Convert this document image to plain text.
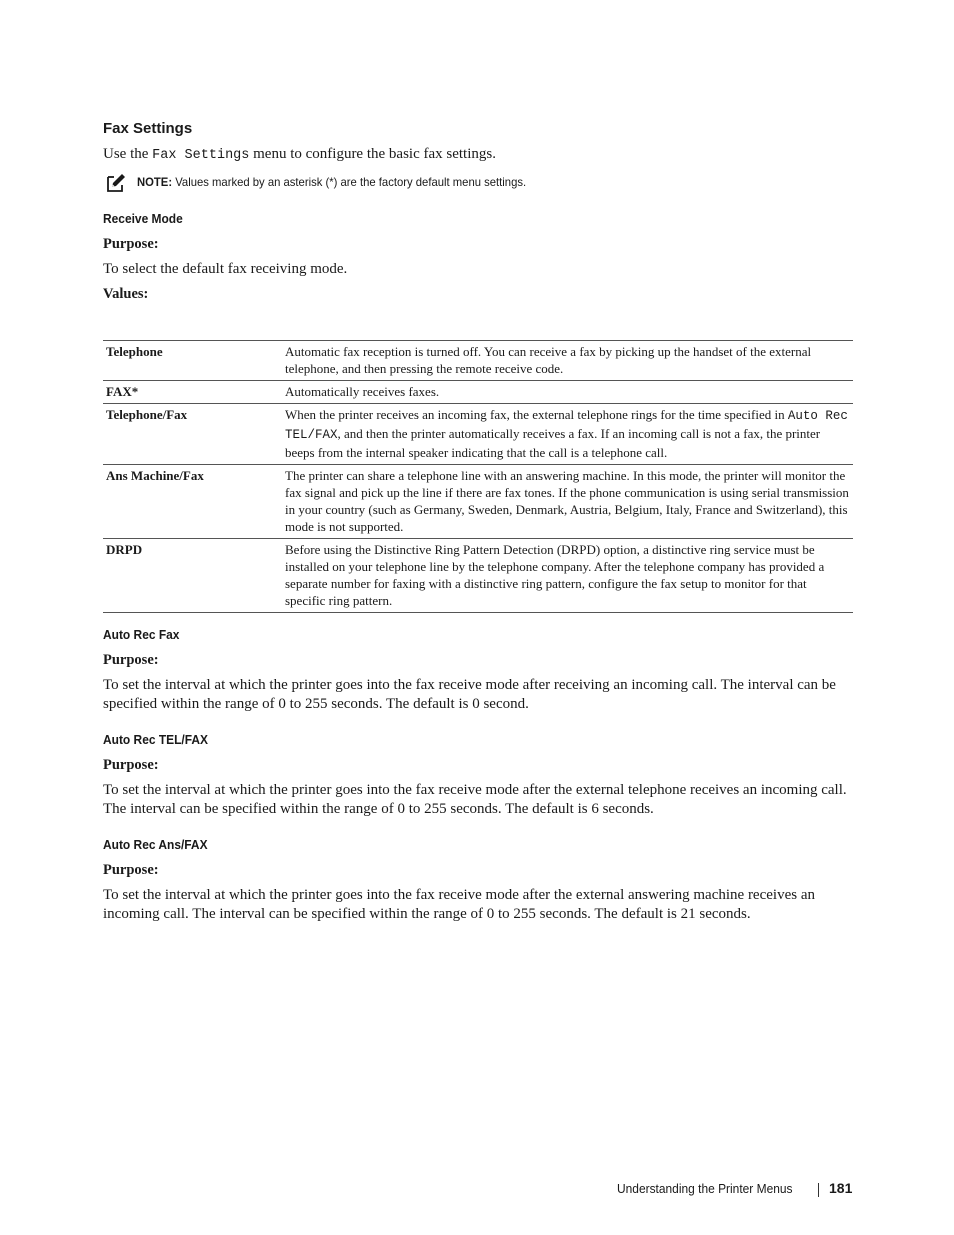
Fax Settings
Use the Fax Settings menu to configure the basic fax settings.
NOTE: Values marked by an asterisk (*) are the factory default menu settings.
Receive Mode
Purpose:
To select the default fax receiving mode.
Values:
Telephone	Automatic fax reception is turned off. You can receive a fax by picking up the handset of the external telephone, and then pressing the remote receive code.
FAX*	Automatically receives faxes.
Telephone/Fax	When the printer receives an incoming fax, the external telephone rings for the time specified in Auto Rec TEL/FAX, and then the printer automatically receives a fax. If an incoming call is not a fax, the printer beeps from the internal speaker indicating that the call is a telephone call.
Ans Machine/Fax	The printer can share a telephone line with an answering machine. In this mode, the printer will monitor the fax signal and pick up the line if there are fax tones. If the phone communication is using serial transmission in your country (such as Germany, Sweden, Denmark, Austria, Belgium, Italy, France and Switzerland), this mode is not supported.
DRPD	Before using the Distinctive Ring Pattern Detection (DRPD) option, a distinctive ring service must be installed on your telephone line by the telephone company. After the telephone company has provided a separate number for faxing with a distinctive ring pattern, configure the fax setup to monitor for that specific ring pattern.
Auto Rec Fax
Purpose:
To set the interval at which the printer goes into the fax receive mode after receiving an incoming call. The interval can be specified within the range of 0 to 255 seconds. The default is 0 second.
Auto Rec TEL/FAX
Purpose:
To set the interval at which the printer goes into the fax receive mode after the external telephone receives an incoming call. The interval can be specified within the range of 0 to 255 seconds. The default is 6 seconds.
Auto Rec Ans/FAX
Purpose:
To set the interval at which the printer goes into the fax receive mode after the external answering machine receives an incoming call. The interval can be specified within the range of 0 to 255 seconds. The default is 21 seconds.
Understanding the Printer Menus	181
